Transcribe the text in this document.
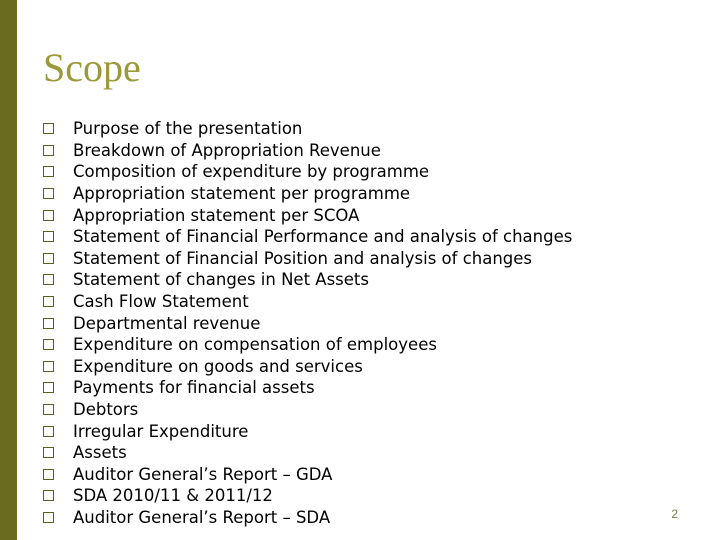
Scope
Purpose of the presentation
Breakdown of Appropriation Revenue
Composition of expenditure by programme
Appropriation statement per programme
Appropriation statement per SCOA
Statement of Financial Performance and analysis of changes
Statement of Financial Position and analysis of changes
Statement of changes in Net Assets
Cash Flow Statement
Departmental revenue
Expenditure on compensation of employees
Expenditure on goods and services
Payments for financial assets
Debtors
Irregular Expenditure
Assets
Auditor General’s Report – GDA
SDA 2010/11 & 2011/12
Auditor General’s Report – SDA	2
